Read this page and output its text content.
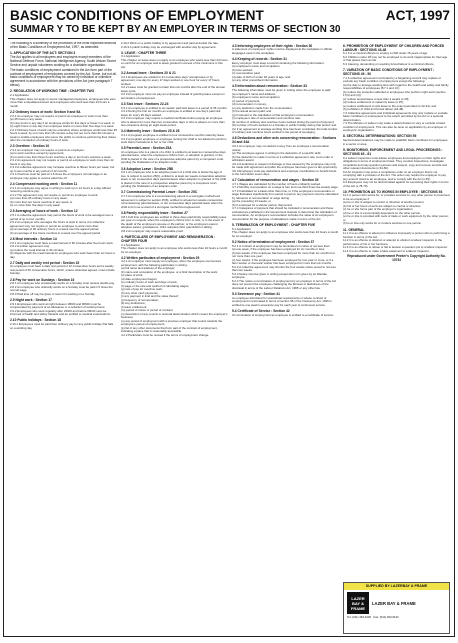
BASIC CONDITIONS OF EMPLOYMENT	ACT, 1997
SUMMAR Y TO BE KEPT BY AN EMPLOYER IN TERMS OF SECTION 30

The following is a summary of the provisions of the most important sections of the Basic Conditions of Employment Act, 1997, as amended.

1. APPLICATION OF THE ACT: SECTION 3

The Act applies to all employees and employers except members of the National Defence Force, National Intelligence Agency, South African Secret Service and unpaid volunteers working for a charitable organisation.

The basic conditions of employment contained in the Act form part of the contract of employment of employees covered by the Act. Some, but not all, basic conditions of employment may be varied by individual or collective agreement in accordance with the provisions of the Act (see paragraph 7 below).

2. REGULATION OF WORKING TIME : CHAPTER TWO

2.1 Application
This chapter does not apply to senior managerial employees, employees who earn more than a stipulated amount and employees who work less than 24 hours a month.

2.2 Ordinary hours of work: Section 9 and 9A

2.2.1 An employer may not require or permit an employee to work more than:
(a) 45 hours in any week;
(b) nine hours in any day if an employee works for five days or fewer in a week; or
(c) eight hours in any day if an employee works on more than five days in a week.
2.2.2 Ordinary hours of work may be extended, where employee works less than 45 hours a week, by not more than 15 minutes a day but not more than 60 minutes a week to enable employees who serve the public to continue performing their duties after the completion of ordinary hours of work.

2.3 Overtime : Section 10

2.3.1 An employer may not require or permit an employee:
(a) to work overtime except by agreement;
(b) to work more than three hours overtime a day or ten hours overtime a week.
2.3.2 An agreement may not require or permit an employee to work more than 12 hours in any day.
2.3.3 A collective agreement may increase overtime to fifteen hours per week, but up to two months in any period of 12 months.
2.3.4 Overtime must be paid at 1.5 times the employee's normal wage or an employee may agree to receive paid time off.

2.4 Compressed working week : Section 11

2.4.1 An employee may agree in writing to work up to 12 hours in a day without receiving overtime pay.
2.4.2 The agreement may not require or permit an employee to work:
(a) more than 45 ordinary hours in any week;
(b) more than ten hours overtime in any week; or
(c) on more than five days in any week.

2.5 Averaging of hours of work : Section 12

2.5.1 A collective agreement may permit the hours of work to be averaged over a period of up to four months.
2.5.2 An employer who averages the hours of work in terms of a collective agreement may not require or permit an employee to work more than:
(a) an average of 45 ordinary hours in a week over the agreed period;
(b) an average of five hours overtime in a week over the agreed period.

2.6 Meal intervals : Section 14

2.6.1 An employee must have a meal interval of 60 minutes after five hours work.
2.6.2 A written agreement may:
(a) reduce the meal interval to 30 minutes;
(b) dispense with the meal interval for employees who work fewer than six hours a day.

2.7 Daily and weekly rest period : Section 15

An employee must have a daily rest period of 12 consecutive hours and a weekly rest period of 36 consecutive hours, which, unless otherwise agreed, must include Sunday.

2.8 Pay for work on Sundays : Section 16

2.8.1 An employee who occasionally works on a Sunday must receive double pay.
2.8.2 An employee who ordinarily works on a Sunday must be paid 1.5 times the normal wage.
2.8.3 Paid time off may be given in return for working on a Sunday.

2.9 Night work : Section 17

2.9.1 Employees who work at night between 18h00 and 06h00 must be compensated by payment of an allowance or a reduction of working hours.
2.9.2 Employees who work regularly after 23h00 and before 06h00 must be informed of health and safety hazards and be entitled to medical examinations.

2.10 Public holidays : Section 18

2.10.1 Employees must be paid their ordinary pay for any public holiday that falls on a working day.
2.10.2 Work on a public holiday is by agreement and paid at double the rate.
2.10.3 A public holiday may be exchanged with another day by agreement.

3. LEAVE : CHAPTER THREE

3.1 Application
This chapter on leave does not apply to an employee who works less than 24 hours a month for an employer and to leave granted in excess of the minimums in this Act.

3.2 Annual leave : Sections 20 & 21

3.2.1 Employees are entitled to 21 consecutive days' annual leave or by agreement, one day for every 17 days worked or one hour for every 17 hours worked.
3.2.2 Leave must be granted not later than six months after the end of the annual leave cycle.
3.2.3 An employer must not pay an employee instead of granting leave except on termination of employment.

3.3 Sick leave : Sections 22-24

3.3.1 An employee is entitled to six weeks' paid sick leave in a period of 36 months.
3.3.2 During the first six months an employee is entitled to one day's paid sick leave for every 26 days worked.
3.3.3 An employer may require a medical certificate before paying an employee who is absent for more than two consecutive days or who is absent on more than two occasions during an eight-week period.

3.4 Maternity leave : Sections 25 & 26

3.4.1 A pregnant employee is entitled to four consecutive months maternity leave.
3.4.2 A pregnant employee or employee nursing her child is not allowed to perform work that is hazardous to her or her child.

3.5 Parental Leave : Section 25A

An employee who is a parent of a child, is entitled to at least ten consecutive days parental leave, when the employee's child is born, or adoption is granted, or the child is placed in the care of a prospective adoptive parent by a competent court, pending the finalisation of an adoption order.

3.6 Adoption Leave : Section 25B

3.6.1 An employee who is an adoptive parent of a child who is below the age of two, is subject to section 25(6), entitled to at least ten weeks consecutive adoption leave or ten consecutive days parental leave when adoption is granted or the child is placed in the care of a prospective adoptive parent by a competent court, pending the finalisation of an adoption order.

3.7 Commissioning Parental Leave : Section 25C

3.7.1 An employee who is a commissioning parent in a surrogate motherhood agreement is subject to section 25(6), entitled to at least ten weeks consecutive commissioning parental leave, or ten consecutive days parental leave when the child is born as a result of a surrogate motherhood agreement.

3.8 Family responsibility leave : Section 27

3.8.1 Full time employees are entitled to three days paid family responsibility leave per year on request, when the employee's child is born or sick, or in the event of the death of the employee's spouse or life partner, or the employee's parent, adoptive parent, grandparent, child, adopted child, grandchild or sibling.
3.8.2 An employer may require reasonable proof.

4. PARTICULARS OF EMPLOYMENT AND REMUNERATION : CHAPTER FOUR

4.1 Application
This chapter does not apply to an employee who works less than 24 hours a month for an employer.

4.2 Written particulars of employment : Section 29

4.2.1 An employer must supply an employee, when the employee commences employment, with the following particulars in writing:
(a) full name and address of the employer;
(b) name and occupation of the employee, or a brief description of the work;
(c) place of work;
(d) date employment began;
(e) ordinary hours of work and days of work;
(f) wage or the rate and method of calculating wages;
(g) rate of pay for overtime work;
(h) any other cash payments;
(i) any payment in kind and the value thereof;
(j) frequency of remuneration;
(k) any deductions;
(l) leave entitlement;
(m) period of notice or period of contract;
(n) description of any council or sectoral determination which covers the employer's business;
(o) any period of employment with a previous employer that counts towards the employee's period of employment;
(p) list of any other documents that form part of the contract of employment, indicating a place that is reasonably accessible.
4.2.2 Particulars must be revised if the terms of employment change.

4.3 Informing employees of their rights : Section 30

A statement of employees' rights must be displayed at the workplace in official languages used in the workplace.

4.4 Keeping of records : Section 31

Every employer must keep a record containing the following information:
(a) employee's name and occupation;
(b) time worked;
(c) remuneration paid;
(d) date of birth of under 18 years of age; and
(e) any other prescribed information.

4.5 Information about remuneration : Section 33

The following information must be given in writing when the employee is paid:
(a) employer's name and address;
(b) employee's name and occupation;
(c) period of payment;
(d) remuneration in money;
(e) any deduction made from the remuneration;
(f) the actual amount paid; and
(g) if relevant to the calculation of that employee's remuneration:
(i) employee's rate of remuneration and overtime rate;
(ii) number of ordinary and overtime hours worked during the period of payment;
(iii) number of hours worked on a Sunday or public holiday during that period; and
(iv) if an agreement to average working time has been concluded, the total number of ordinary and overtime hours worked in the period of averaging.

4.6 Deductions and other acts concerning remuneration : Sections 34 and 34A

4.6.1 An employer may not deduct money from an employee's remuneration unless:
(a) The employee agrees in writing to the deduction of a specific debt;
(b) the deduction is made in terms of a collective agreement, law, court order or arbitration award.
4.6.2 A deduction in respect of damage or loss caused by the employee may only be made with agreement and after the employee has been given a fair opportunity.
4.6.3 Employers must pay deductions and employer contributions to benefit funds to the fund within seven days.

4.7 Calculation of remuneration and wages : Section 35

4.7.1 Wages are calculated by the number of hours ordinarily worked.
4.7.2 Monthly remuneration on a wage is four and one-third times the weekly wage.
4.7.3 Calculated on a basis other than time, or if the employee's remuneration or wage fluctuates significantly from period to period, any payment must be calculated by reference to remuneration or wage during:
(a) the preceding 13 weeks; or
(b) if employed for a shorter period, that period.
4.7.4 Categories of payment that should be included in remuneration and those excluded are published in the Government Gazette to determine the calculation of remuneration. An employee's remuneration includes the value of an employee's remuneration for the purpose of calculations made in terms of the Act.

5. TERMINATION OF EMPLOYMENT : CHAPTER FIVE

5.1 Application
This chapter does not apply to an employee who works less than 24 hours a month for an employer.

5.2 Notice of termination of employment : Section 37

5.2.1 A contract of employment may be terminated on notice of not less than:
(a) one week, if the employee has been employed for six months or less;
(b) two weeks, if the employee has been employed for more than six months but not more than one year;
(c) four weeks, if the employee has been employed for one year or more, or if a farm worker or domestic worker has been employed for more than six months.
5.2.2 A collective agreement may shorten the four weeks notice period to not less than two weeks.
5.2.3 Notice must be given in writing except when it is given by an illiterate employee.
5.2.4 The notice on termination of employment by an employer in terms of the Act does not prevent the employee challenging the fairness or lawfulness of the dismissal in terms of the Labour Relations Act, 1995 or any other law.

5.3 Severance pay : Section 41

An employee dismissed for operational requirements or whose contract of employment is terminated in terms of section 38 of the Insolvency Act, 1936 is entitled to one week's severance pay for each year of continuous service.

5.4 Certificate of Service : Section 42

On termination of employment an employee is entitled to a certificate of service.

6. PROHIBITION OF EMPLOYMENT OF CHILDREN AND FORCED LABOUR : SECTIONS 43-48

6.1 It is a criminal offence to employ a child under 15 years of age.
6.2 Children under 18 may not be employed to do work inappropriate for their age or that places them at risk.
6.3 Causing, demanding or requiring forced labour is a criminal offence.

7. VARIATION OF BASIC CONDITIONS OF EMPLOYMENT : SECTIONS 49 - 50

7.1 A collective agreement concluded by a bargaining council may replace or exclude any basic condition of employment except the following:
(a) the duty to arrange working time with regard to the health and safety and family responsibilities of employees (8.7.1 and 13);
(b) reduce the protection afforded to employees who perform night work (section 17(3) and (4));
(c) reduce annual leave to less than 2 weeks (s 20);
(d) reduce entitlement to maternity leave (s 25);
(e) reduce entitlement to sick leave to the extent permitted (s 22-24); and
(f) prohibition of child and forced labour (43-48).
7.2 Collective agreements and individual agreements may only replace or exclude basic conditions of employment to the extent permitted by the Act or a sectoral determination.
7.3 The Minister of Labour may make a determination to vary or exclude a basic condition of employment. This can also be done on application by an employer or employers' organisation.

8. SECTORAL DETERMINATIONS: SECTION 55

Sectoral determinations may be made to establish basic conditions for employees in a sector or area.

9. MONITORING, ENFORCEMENT AND LEGAL PROCEEDINGS : SECTIONS 63 - 81

9.1 Labour inspectors must advise employees and employers on their rights and obligations in terms of employment laws. They conduct inspections, investigate complaints and may question persons and inspect, copy and remove records and other relevant documents (s 64-66).
9.2 An inspector may serve a compliance order on an employer that is not complying with a provision of the Act. The order may require the employer to pay any amount owed to an employee, and to comply with the Act (s 69).
9.3 Employees may not be discriminated against for exercising their rights in terms of the Act (s 78-79).

10. PROHIBITION AS TO WORKS IN EMPLOYEE : SECTIONS 93

10.1 A person who works for, or provides services to, any other person is presumed to be an employee if:
(a) he or she is subject to control or direction of another person;
(b) his or her hours of work are subject to control or direction;
(c) he or she forms part of the employer's organisation;
(d) he or she is economically dependent on the other person;
(e) he or she is provided with tools of trade or work equipment by the other person; or
(f) he or she only works for or renders services to one person.

11. GENERAL

11.1 It is an offence to attempt to influence improperly a person who is performing a function in terms of the Act.
11.2 It is an offence to obstruct or attempt to obstruct a labour inspector in the performance of his or her functions.
11.3 It is an offence to refuse or fail to answer a question put to a labour inspector.
11.4 It is an offence to make a false statement to a labour inspector.

Reproduced under Government Printer's Copyright Authority No. 10734

SUPPLIED BY LAZERBAY & FRAME
LAZER BAY & FRAME
LAZER BAY & FRAME
Tel: (011) 493-6130 · Fax: (011) 493-6132
